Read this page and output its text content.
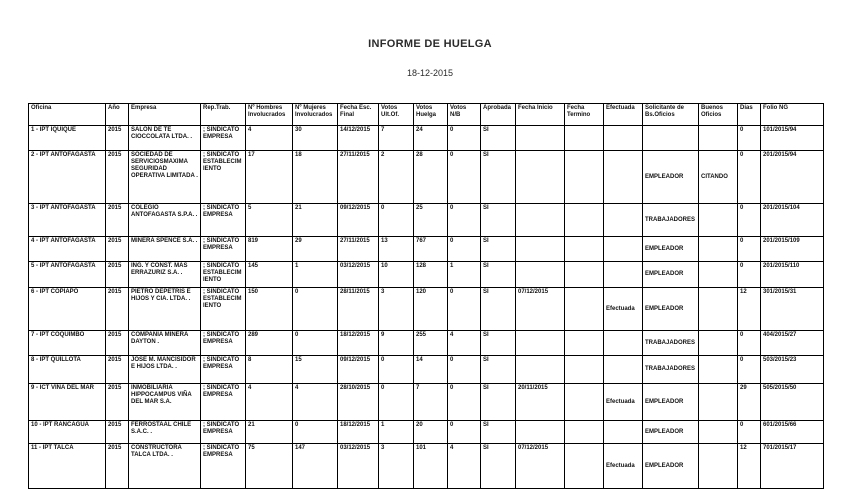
Gobierno de Chile
INFORME DE HUELGA
18-12-2015
Oficina	Año	Empresa	Rep.Trab.	Nº Hombres Involucrados	Nº Mujeres Involucrados	Fecha Esc. Final	Votos Ult.Of.	Votos Huelga	Votos N/B	Aprobada	Fecha Inicio	Fecha Termino	Efectuada	Solicitante de Bs.Oficios	Buenos Oficios	Días	Folio NG
1 - IPT IQUIQUE	2015	SALON DE TE CIOCCOLATA LTDA. .	; SINDICATO EMPRESA	4	30	14/12/2015	7	24	0	SI						0	101/2015/94
2 - IPT ANTOFAGASTA	2015	SOCIEDAD DE SERVICIOSMAXIMA SEGURIDAD OPERATIVA LIMITADA .	; SINDICATO ESTABLECIMIENTO	17	18	27/11/2015	2	28	0	SI				EMPLEADOR	CITANDO	0	201/2015/94
3 - IPT ANTOFAGASTA	2015	COLEGIO ANTOFAGASTA S.P.A. .	; SINDICATO EMPRESA	5	21	09/12/2015	0	25	0	SI				TRABAJADORES		0	201/2015/104
4 - IPT ANTOFAGASTA	2015	MINERA SPENCE S.A. .	; SINDICATO EMPRESA	819	29	27/11/2015	13	767	0	SI				EMPLEADOR		0	201/2015/109
5 - IPT ANTOFAGASTA	2015	ING. Y CONST. MAS ERRAZURIZ S.A. .	; SINDICATO ESTABLECIMIENTO	145	1	03/12/2015	10	128	1	SI				EMPLEADOR		0	201/2015/110
6 - IPT COPIAPO	2015	PIETRO DEPETRIS E HIJOS Y CIA. LTDA. .	; SINDICATO ESTABLECIMIENTO	150	0	28/11/2015	3	120	0	SI	07/12/2015		Efectuada	EMPLEADOR		12	301/2015/31
7 - IPT COQUIMBO	2015	COMPAÑIA MINERA DAYTON .	; SINDICATO EMPRESA	289	0	18/12/2015	9	255	4	SI				TRABAJADORES		0	404/2015/27
8 - IPT QUILLOTA	2015	JOSE M. MANCISIDOR E HIJOS LTDA. .	; SINDICATO EMPRESA	8	15	09/12/2015	0	14	0	SI				TRABAJADORES		0	503/2015/23
9 - ICT VIÑA DEL MAR	2015	INMOBILIARIA HIPPOCAMPUS VIÑA DEL MAR S.A.	; SINDICATO EMPRESA	4	4	28/10/2015	0	7	0	SI	20/11/2015		Efectuada	EMPLEADOR		29	505/2015/50
10 - IPT RANCAGUA	2015	FERROSTAAL CHILE S.A.C. .	; SINDICATO EMPRESA	21	0	18/12/2015	1	20	0	SI				EMPLEADOR		0	601/2015/66
11 - IPT TALCA	2015	CONSTRUCTORA TALCA LTDA. .	; SINDICATO EMPRESA	75	147	03/12/2015	3	101	4	SI	07/12/2015		Efectuada	EMPLEADOR		12	701/2015/17
